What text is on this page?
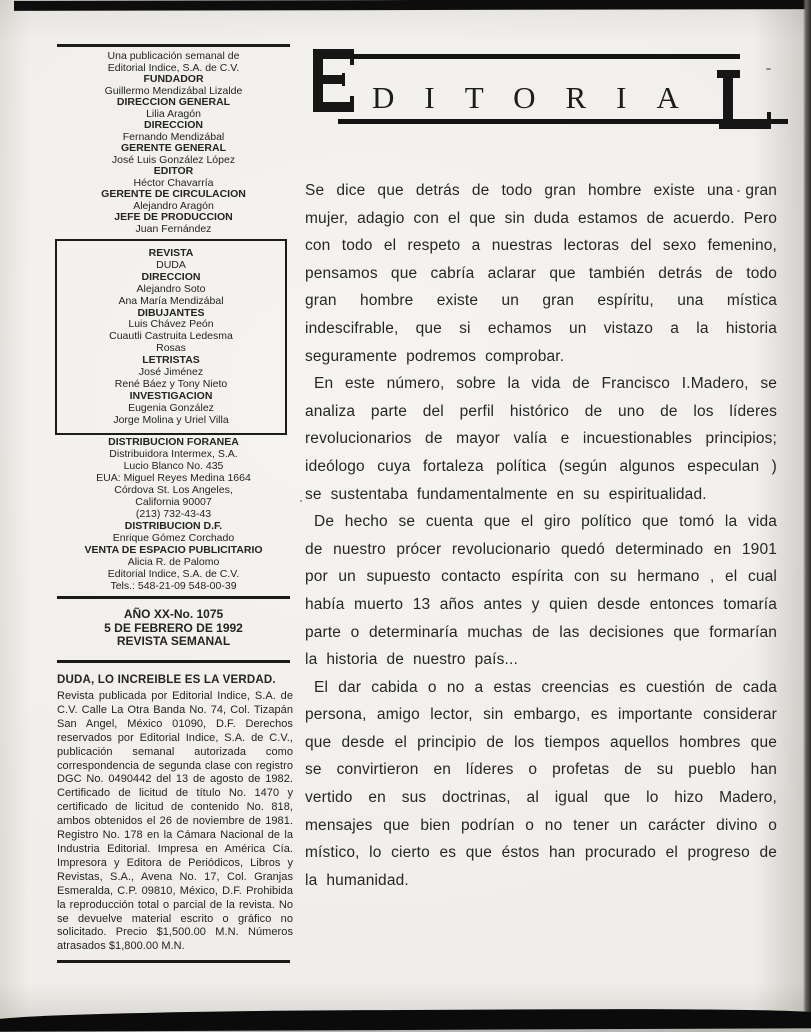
Una publicación semanal de
Editorial Indice, S.A. de C.V.
FUNDADOR
Guillermo Mendizábal Lizalde
DIRECCION GENERAL
Lilia Aragón
DIRECCION
Fernando Mendizábal
GERENTE GENERAL
José Luis González López
EDITOR
Héctor Chavarría
GERENTE DE CIRCULACION
Alejandro Aragón
JEFE DE PRODUCCION
Juan Fernández
REVISTA
DUDA
DIRECCION
Alejandro Soto
Ana María Mendizábal
DIBUJANTES
Luis Chávez Peón
Cuautli Castruita Ledesma
Rosas
LETRISTAS
José Jiménez
René Báez y Tony Nieto
INVESTIGACION
Eugenia González
Jorge Molina y Uriel Villa
DISTRIBUCION FORANEA
Distribuidora Intermex, S.A.
Lucio Blanco No. 435
EUA: Miguel Reyes Medina 1664
Córdova St. Los Angeles,
California 90007
(213) 732-43-43
DISTRIBUCION D.F.
Enrique Gómez Corchado
VENTA DE ESPACIO PUBLICITARIO
Alicia R. de Palomo
Editorial Indice, S.A. de C.V.
Tels.: 548-21-09 548-00-39
AÑO XX-No. 1075
5 DE FEBRERO DE 1992
REVISTA SEMANAL
DUDA, LO INCREIBLE ES LA VERDAD.
Revista publicada por Editorial Indice, S.A. de C.V. Calle La Otra Banda No. 74, Col. Tizapán San Angel, México 01090, D.F. Derechos reservados por Editorial Indice, S.A. de C.V., publicación semanal autorizada como correspondencia de segunda clase con registro DGC No. 0490442 del 13 de agosto de 1982. Certificado de licitud de título No. 1470 y certificado de licitud de contenido No. 818, ambos obtenidos el 26 de noviembre de 1981. Registro No. 178 en la Cámara Nacional de la Industria Editorial. Impresa en América Cía. Impresora y Editora de Periódicos, Libros y Revistas, S.A., Avena No. 17, Col. Granjas Esmeralda, C.P. 09810, México, D.F. Prohibida la reproducción total o parcial de la revista. No se devuelve material escrito o gráfico no solicitado. Precio $1,500.00 M.N. Números atrasados $1,800.00 M.N.
DITORIA

Se dice que detrás de todo gran hombre existe una gran mujer, adagio con el que sin duda estamos de acuerdo. Pero con todo el respeto a nuestras lectoras del sexo femenino, pensamos que cabría aclarar que también detrás de todo gran hombre existe un gran espíritu, una mística indescifrable, que si echamos un vistazo a la historia seguramente podremos comprobar.

En este número, sobre la vida de Francisco I.Madero, se analiza parte del perfil histórico de uno de los líderes revolucionarios de mayor valía e incuestionables principios; ideólogo cuya fortaleza política (según algunos especulan ) se sustentaba fundamentalmente en su espiritualidad.

De hecho se cuenta que el giro político que tomó la vida de nuestro prócer revolucionario quedó determinado en 1901 por un supuesto contacto espírita con su hermano , el cual había muerto 13 años antes y quien desde entonces tomaría parte o determinaría muchas de las decisiones que formarían la historia de nuestro país...

El dar cabida o no a estas creencias es cuestión de cada persona, amigo lector, sin embargo, es importante considerar que desde el principio de los tiempos aquellos hombres que se convirtieron en líderes o profetas de su pueblo han vertido en sus doctrinas, al igual que lo hizo Madero, mensajes que bien podrían o no tener un carácter divino o místico, lo cierto es que éstos han procurado el progreso de la humanidad.
